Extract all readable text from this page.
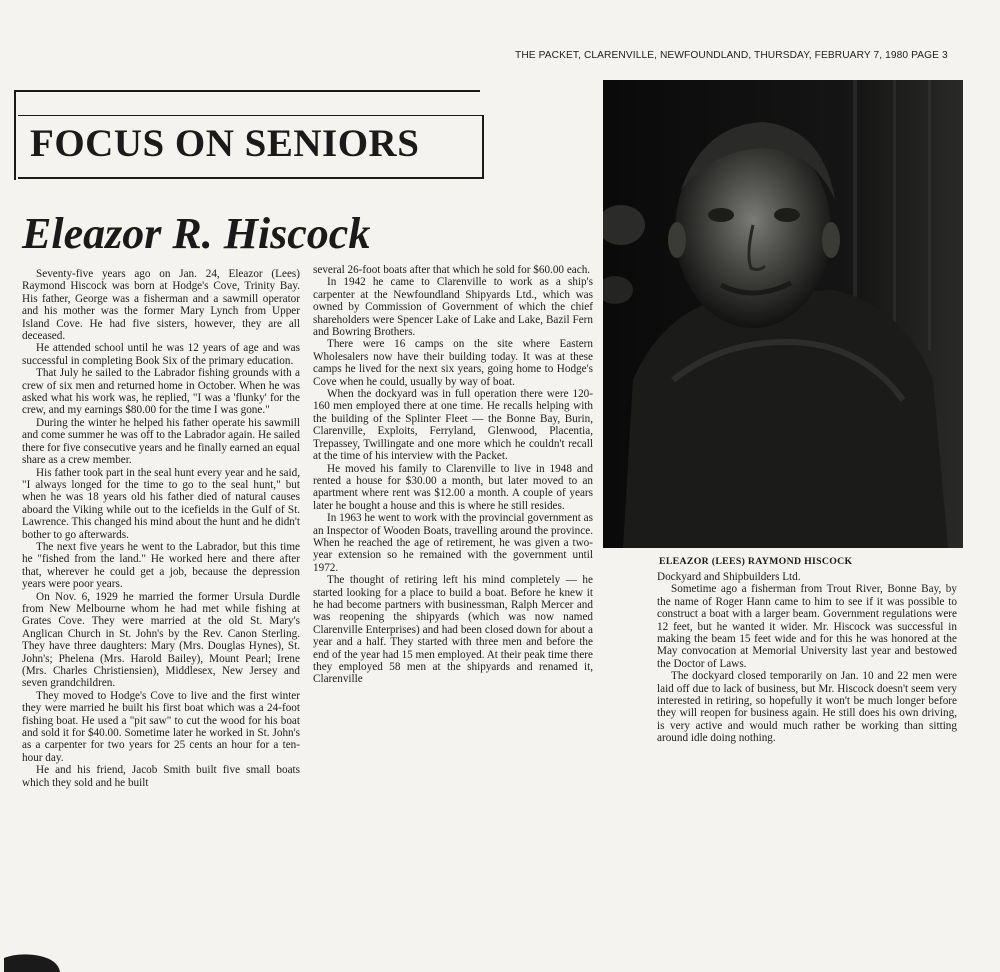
THE PACKET, CLARENVILLE, NEWFOUNDLAND, THURSDAY, FEBRUARY 7, 1980 PAGE 3
FOCUS ON SENIORS
Eleazor R. Hiscock

Seventy-five years ago on Jan. 24, Eleazor (Lees) Raymond Hiscock was born at Hodge's Cove, Trinity Bay. His father, George was a fisherman and a sawmill operator and his mother was the former Mary Lynch from Upper Island Cove. He had five sisters, however, they are all deceased.

He attended school until he was 12 years of age and was successful in completing Book Six of the primary education.

That July he sailed to the Labrador fishing grounds with a crew of six men and returned home in October. When he was asked what his work was, he replied, "I was a 'flunky' for the crew, and my earnings $80.00 for the time I was gone."

During the winter he helped his father operate his sawmill and come summer he was off to the Labrador again. He sailed there for five consecutive years and he finally earned an equal share as a crew member.

His father took part in the seal hunt every year and he said, "I always longed for the time to go to the seal hunt," but when he was 18 years old his father died of natural causes aboard the Viking while out to the icefields in the Gulf of St. Lawrence. This changed his mind about the hunt and he didn't bother to go afterwards.

The next five years he went to the Labrador, but this time he "fished from the land." He worked here and there after that, wherever he could get a job, because the depression years were poor years.

On Nov. 6, 1929 he married the former Ursula Durdle from New Melbourne whom he had met while fishing at Grates Cove. They were married at the old St. Mary's Anglican Church in St. John's by the Rev. Canon Sterling. They have three daughters: Mary (Mrs. Douglas Hynes), St. John's; Phelena (Mrs. Harold Bailey), Mount Pearl; Irene (Mrs. Charles Christiensien), Middlesex, New Jersey and seven grandchildren.

They moved to Hodge's Cove to live and the first winter they were married he built his first boat which was a 24-foot fishing boat. He used a "pit saw" to cut the wood for his boat and sold it for $40.00. Sometime later he worked in St. John's as a carpenter for two years for 25 cents an hour for a ten-hour day.

He and his friend, Jacob Smith built five small boats which they sold and he built

several 26-foot boats after that which he sold for $60.00 each.

In 1942 he came to Clarenville to work as a ship's carpenter at the Newfoundland Shipyards Ltd., which was owned by Commission of Government of which the chief shareholders were Spencer Lake of Lake and Lake, Bazil Fern and Bowring Brothers.

There were 16 camps on the site where Eastern Wholesalers now have their building today. It was at these camps he lived for the next six years, going home to Hodge's Cove when he could, usually by way of boat.

When the dockyard was in full operation there were 120-160 men employed there at one time. He recalls helping with the building of the Splinter Fleet — the Bonne Bay, Burin, Clarenville, Exploits, Ferryland, Glenwood, Placentia, Trepassey, Twillingate and one more which he couldn't recall at the time of his interview with the Packet.

He moved his family to Clarenville to live in 1948 and rented a house for $30.00 a month, but later moved to an apartment where rent was $12.00 a month. A couple of years later he bought a house and this is where he still resides.

In 1963 he went to work with the provincial government as an Inspector of Wooden Boats, travelling around the province. When he reached the age of retirement, he was given a two-year extension so he remained with the government until 1972.

The thought of retiring left his mind completely — he started looking for a place to build a boat. Before he knew it he had become partners with businessman, Ralph Mercer and was reopening the shipyards (which was now named Clarenville Enterprises) and had been closed down for about a year and a half. They started with three men and before the end of the year had 15 men employed. At their peak time there they employed 58 men at the shipyards and renamed it, Clarenville

ELEAZOR (LEES) RAYMOND HISCOCK

Dockyard and Shipbuilders Ltd.

Sometime ago a fisherman from Trout River, Bonne Bay, by the name of Roger Hann came to him to see if it was possible to construct a boat with a larger beam. Government regulations were 12 feet, but he wanted it wider. Mr. Hiscock was successful in making the beam 15 feet wide and for this he was honored at the May convocation at Memorial University last year and bestowed the Doctor of Laws.

The dockyard closed temporarily on Jan. 10 and 22 men were laid off due to lack of business, but Mr. Hiscock doesn't seem very interested in retiring, so hopefully it won't be much longer before they will reopen for business again. He still does his own driving, is very active and would much rather be working than sitting around idle doing nothing.
